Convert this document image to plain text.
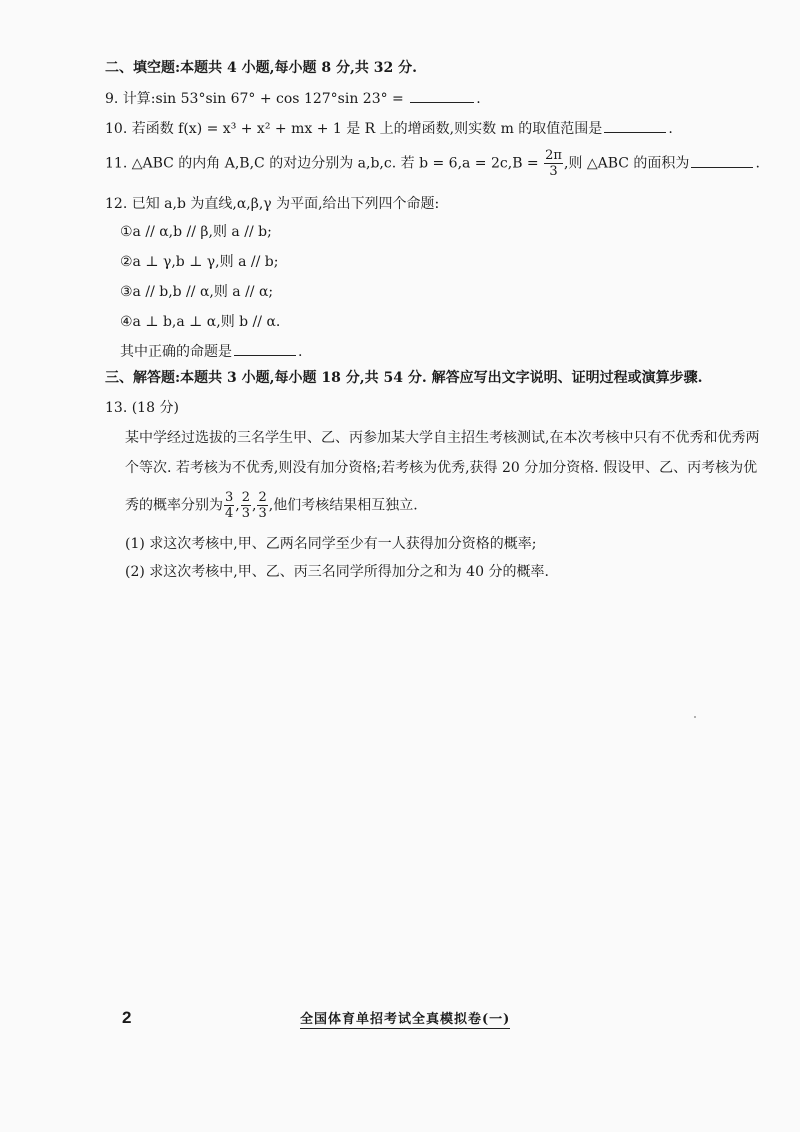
二、填空题:本题共 4 小题,每小题 8 分,共 32 分.
9. 计算:sin 53°sin 67° + cos 127°sin 23° =	.
10. 若函数 f(x) = x³ + x² + mx + 1 是 R 上的增函数,则实数 m 的取值范围是	.
11. △ABC 的内角 A,B,C 的对边分别为 a,b,c. 若 $b = 6,a = 2c,B = \frac{2\pi}{3}$ ,则 △ABC 的面积为	.
12. 已知 a,b 为直线,α,β,γ 为平面,给出下列四个命题:
①a // α,b // β,则 a // b;
②a ⊥ γ,b ⊥ γ,则 a // b;
③a // b,b // α,则 a // α;
④a ⊥ b,a ⊥ α,则 b // α.
其中正确的命题是	.
三、解答题:本题共 3 小题,每小题 18 分,共 54 分. 解答应写出文字说明、证明过程或演算步骤.
13. (18 分)
某中学经过选拔的三名学生甲、乙、丙参加某大学自主招生考核测试,在本次考核中只有不优秀和优秀两
个等次. 若考核为不优秀,则没有加分资格;若考核为优秀,获得 20 分加分资格. 假设甲、乙、丙考核为优
秀的概率分别为 $\frac{3}{4}$ , $\frac{2}{3}$ , $\frac{2}{3}$ ,他们考核结果相互独立.
(1) 求这次考核中,甲、乙两名同学至少有一人获得加分资格的概率;
(2) 求这次考核中,甲、乙、丙三名同学所得加分之和为 40 分的概率.
2	全国体育单招考试全真模拟卷(一)
